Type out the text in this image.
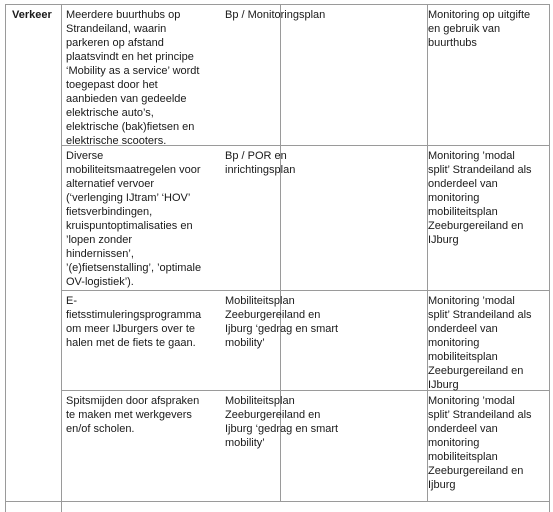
Verkeer Meerdere buurthubs op
Strandeiland, waarin
parkeren op afstand
plaatsvindt en het principe
‘Mobility as a service’ wordt
toegepast door het
aanbieden van gedeelde
elektrische auto’s,
elektrische (bak)fietsen en
elektrische scooters.
Bp / Monitoringsplan	Monitoring op uitgifte
en gebruik van
buurthubs
Diverse
mobiliteitsmaatregelen voor
alternatief vervoer
(‘verlenging IJtram’ ‘HOV’
fietsverbindingen,
kruispuntoptimalisaties en
’lopen zonder
hindernissen’,
’(e)fietsenstalling’, ’optimale
OV-logistiek’).
Bp / POR en
inrichtingsplan
Monitoring ’modal
split’ Strandeiland als
onderdeel van
monitoring
mobiliteitsplan
Zeeburgereiland en
IJburg
E-
fietsstimuleringsprogramma
om meer IJburgers over te
halen met de fiets te gaan.
Mobiliteitsplan
Zeeburgereiland en
Ijburg ‘gedrag en smart
mobility’
Monitoring ’modal
split’ Strandeiland als
onderdeel van
monitoring
mobiliteitsplan
Zeeburgereiland en
IJburg
Spitsmijden door afspraken
te maken met werkgevers
en/of scholen.
Mobiliteitsplan
Zeeburgereiland en
Ijburg ‘gedrag en smart
mobility’
Monitoring ’modal
split’ Strandeiland als
onderdeel van
monitoring
mobiliteitsplan
Zeeburgereiland en
Ijburg
